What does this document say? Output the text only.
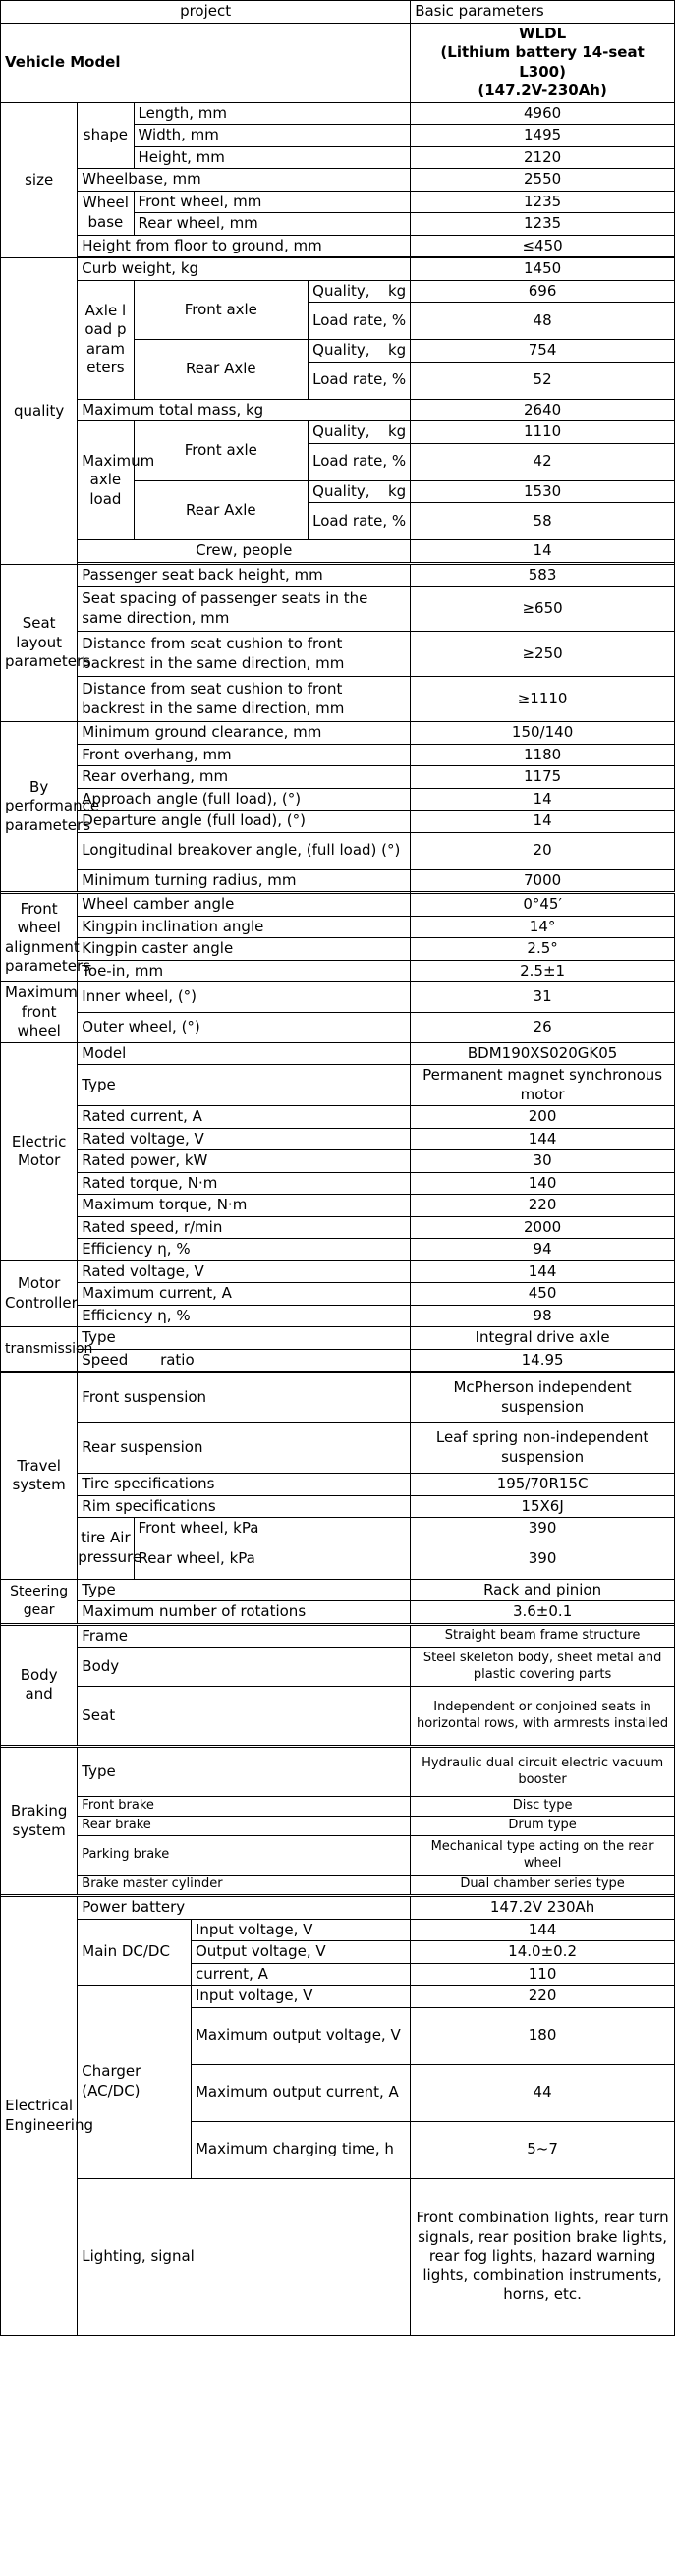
project					Basic parameters
Vehicle Model					WLDL
(Lithium battery 14-seat L300)
(147.2V-230Ah)
size	shape	Length, mm			4960
		Width, mm			1495
		Height, mm			2120
	Wheelbase, mm				2550
	Wheelbase	Front wheel, mm			1235
		Rear wheel, mm			1235
	Height from floor to ground, mm				≤450

quality	Curb weight, kg				1450
	Axle load parameters	Front axle		Quality, kg	696
				Load rate, %	48
		Rear Axle		Quality, kg	754
				Load rate, %	52
	Maximum total mass, kg				2640
	Maximum axle load	Front axle		Quality, kg	1110
				Load rate, %	42
		Rear Axle		Quality, kg	1530
				Load rate, %	58
	Crew, people				14

Seat layout parameters	Passenger seat back height, mm				583
	Seat spacing of passenger seats in the same direction, mm				≥650
	Distance from seat cushion to front backrest in the same direction, mm				≥250
	Distance from seat cushion to front backrest in the same direction, mm				≥1110
By performance parameters	Minimum ground clearance, mm				150/140
	Front overhang, mm				1180
	Rear overhang, mm				1175
	Approach angle (full load), (°)				14
	Departure angle (full load), (°)				14
	Longitudinal breakover angle, (full load) (°)				20
	Minimum turning radius, mm				7000

Front wheel alignment parameters	Wheel camber angle				0°45′
	Kingpin inclination angle				14°
	Kingpin caster angle				2.5°
	Toe-in, mm				2.5±1
Maximum front wheel	Inner wheel, (°)				31
	Outer wheel, (°)				26
Electric Motor	Model				BDM190XS020GK05
	Type				Permanent magnet synchronous motor
	Rated current, A				200
	Rated voltage, V				144
	Rated power, kW				30
	Rated torque, N·m				140
	Maximum torque, N·m				220
	Rated speed, r/min				2000
	Efficiency η, %				94
Motor Controller	Rated voltage, V				144
	Maximum current, A				450
	Efficiency η, %				98
transmission	Type				Integral drive axle
	Speed ratio				14.95

Travel system	Front suspension				McPherson independent suspension
	Rear suspension				Leaf spring non-independent suspension
	Tire specifications				195/70R15C
	Rim specifications				15X6J
	tire Air pressure	Front wheel, kPa			390
		Rear wheel, kPa			390
Steering gear	Type				Rack and pinion
	Maximum number of rotations				3.6±0.1

Body and	Frame				Straight beam frame structure
	Body				Steel skeleton body, sheet metal and plastic covering parts
	Seat				Independent or conjoined seats in horizontal rows, with armrests installed

Braking system	Type				Hydraulic dual circuit electric vacuum booster
	Front brake				Disc type
	Rear brake				Drum type
	Parking brake				Mechanical type acting on the rear wheel
	Brake master cylinder				Dual chamber series type

Electrical Engineering	Power battery				147.2V 230Ah
	Main DC/DC		Input voltage, V		144
			Output voltage, V		14.0±0.2
			current, A		110
	Charger (AC/DC)		Input voltage, V		220
			Maximum output voltage, V		180
			Maximum output current, A		44
			Maximum charging time, h		5~7
	Lighting, signal				Front combination lights, rear turn signals, rear position brake lights, rear fog lights, hazard warning lights, combination instruments, horns, etc.
